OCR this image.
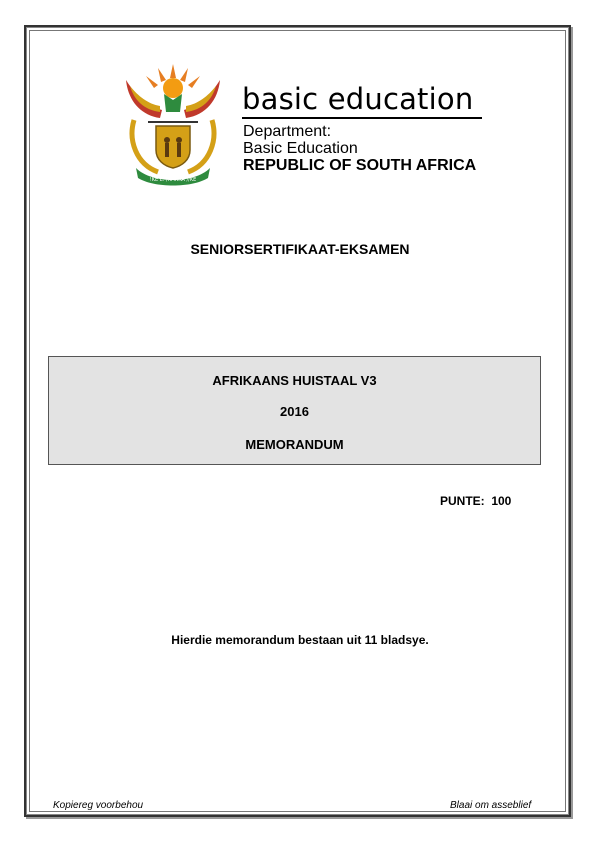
!KE E: /XARRA //KE
basic education
Department:
Basic Education
REPUBLIC OF SOUTH AFRICA
SENIORSERTIFIKAAT-EKSAMEN
AFRIKAANS HUISTAAL V3
2016
MEMORANDUM
PUNTE:  100
Hierdie memorandum bestaan uit 11 bladsye.
Kopiereg voorbehou	Blaai om asseblief
